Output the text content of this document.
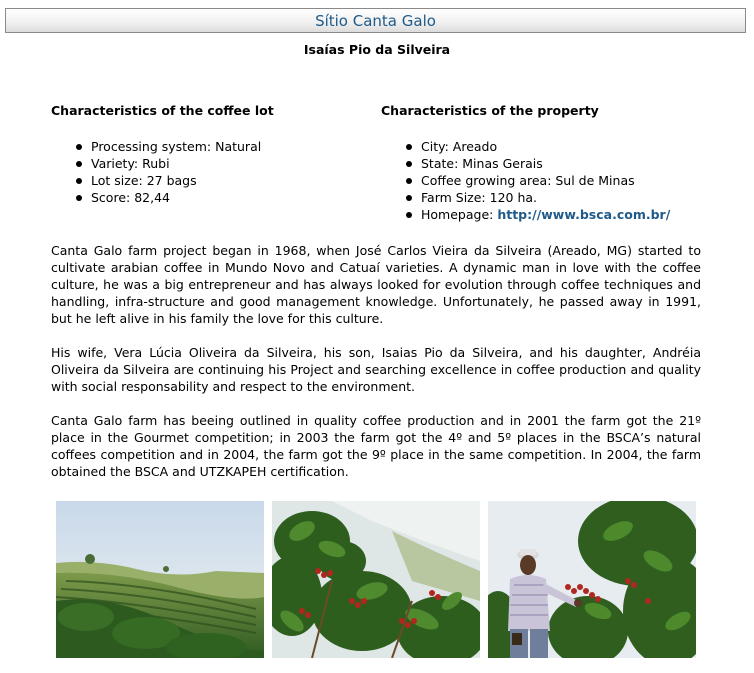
Sítio Canta Galo
Isaías Pio da Silveira
Characteristics of the coffee lot
Processing system: Natural
Variety: Rubi
Lot size: 27 bags
Score: 82,44
Characteristics of the property
City: Areado
State: Minas Gerais
Coffee growing area: Sul de Minas
Farm Size: 120 ha.
Homepage: http://www.bsca.com.br/

Canta Galo farm project began in 1968, when José Carlos Vieira da Silveira (Areado, MG) started to cultivate arabian coffee in Mundo Novo and Catuaí varieties. A dynamic man in love with the coffee culture, he was a big entrepreneur and has always looked for evolution through coffee techniques and handling, infra-structure and good management knowledge. Unfortunately, he passed away in 1991, but he left alive in his family the love for this culture.

His wife, Vera Lúcia Oliveira da Silveira, his son, Isaias Pio da Silveira, and his daughter, Andréia Oliveira da Silveira are continuing his Project and searching excellence in coffee production and quality with social responsability and respect to the environment.

Canta Galo farm has beeing outlined in quality coffee production and in 2001 the farm got the 21º place in the Gourmet competition; in 2003 the farm got the 4º and 5º places in the BSCA’s natural coffees competition and in 2004, the farm got the 9º place in the same competition. In 2004, the farm obtained the BSCA and UTZKAPEH certification.
